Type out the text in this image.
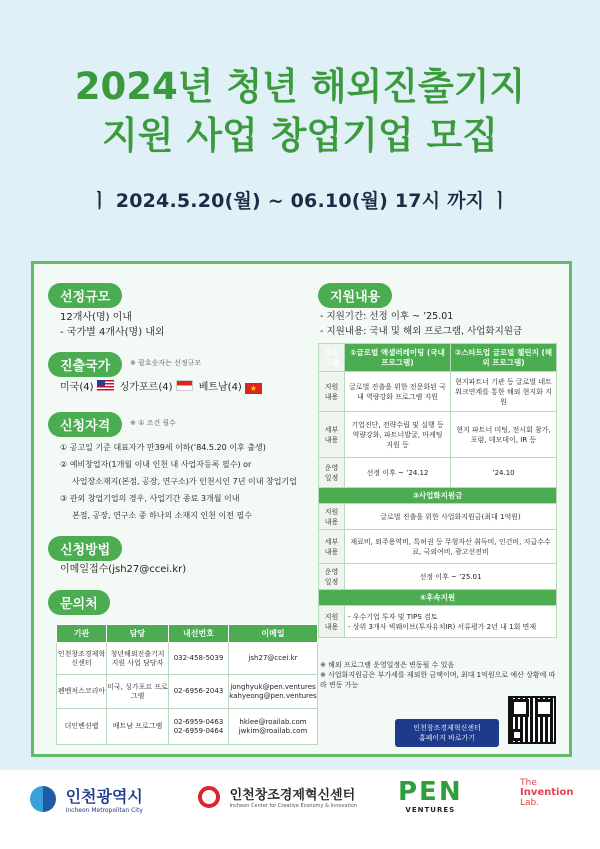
2024년 청년 해외진출기지
지원 사업 창업기업 모집
ㅣ 2024.5.20(월) ~ 06.10(월) 17시 까지 ㅣ
선정규모
12개사(명) 이내
- 국가별 4개사(명) 내외
진출국가	※ 괄호숫자는 선정규모
미국(4)	싱가포르(4)	베트남(4) ★
신청자격	※ ① 조건 필수
① 공고일 기준 대표자가 만39세 이하(‘84.5.20 이후 출생)
② 예비창업자(1개월 이내 인천 내 사업자등록 필수) or
사업장소재지(본점, 공장, 연구소)가 인천시인 7년 이내 창업기업
③ 관외 창업기업의 경우, 사업기간 종료 3개월 이내
본점, 공장, 연구소 중 하나의 소재지 인천 이전 필수
신청방법
이메일접수(jsh27@ccei.kr)
문의처
기관	담당	내선번호	이메일
인천창조경제혁신센터	청년해외진출기지 지원 사업 담당자	032-458-5039	jsh27@ccei.kr
펜벤처스코리아	미국, 싱가포르 프로그램	02-6956-2043	jonghyuk@pen.ventures kahyeong@pen.ventures
더인벤션랩	베트남 프로그램	02-6959-0463 02-6959-0464	hklee@roailab.com jwkim@roailab.com
지원내용
- 지원기간: 선정 이후 ~ ’25.01
- 지원내용: 국내 및 해외 프로그램, 사업화지원금
프로그램	①글로벌 액셀러레이팅 (국내 프로그램)	②스타트업 글로벌 챌린지 (해외 프로그램)
지원내용	글로벌 진출을 위한 전문화된 국내 역량강화 프로그램 지원	현지파트너 기관 등 글로벌 네트워크연계를 통한 해외 현지화 지원
세부내용	기업진단, 전략수립 및 실행 등 역량강화, 파트너발굴, 마케팅 지원 등	현지 파트너 미팅, 전시회 참가, 포럼, 데모데이, IR 등
운영일정	선정 이후 ~ ’24.12	’24.10
③사업화지원금		
지원내용	글로벌 진출을 위한 사업화지원금(최대 1억원)	
세부내용	재료비, 외주용역비, 특허권 등 무형자산 취득비, 인건비, 지급수수료, 국외여비, 광고선전비	
운영일정	선정 이후 ~ ’25.01	
④후속지원		
지원내용	- 우수기업 투자 및 TIPS 검토
- 상위 3개사 빅웨이브(투자유치IR) 서류평가 2년 내 1회 면제	
※ 해외 프로그램 운영일정은 변동될 수 있음
※ 사업화지원금은 부가세를 제외한 금액이며, 최대 1억원으로 예산 상황에 따라 변동 가능
인천창조경제혁신센터
홈페이지 바로가기

인천광역시
Incheon Metropolitan City

인천창조경제혁신센터
Incheon Center for Creative Economy & Innovation PEN
VENTURES
The
Invention
Lab.
